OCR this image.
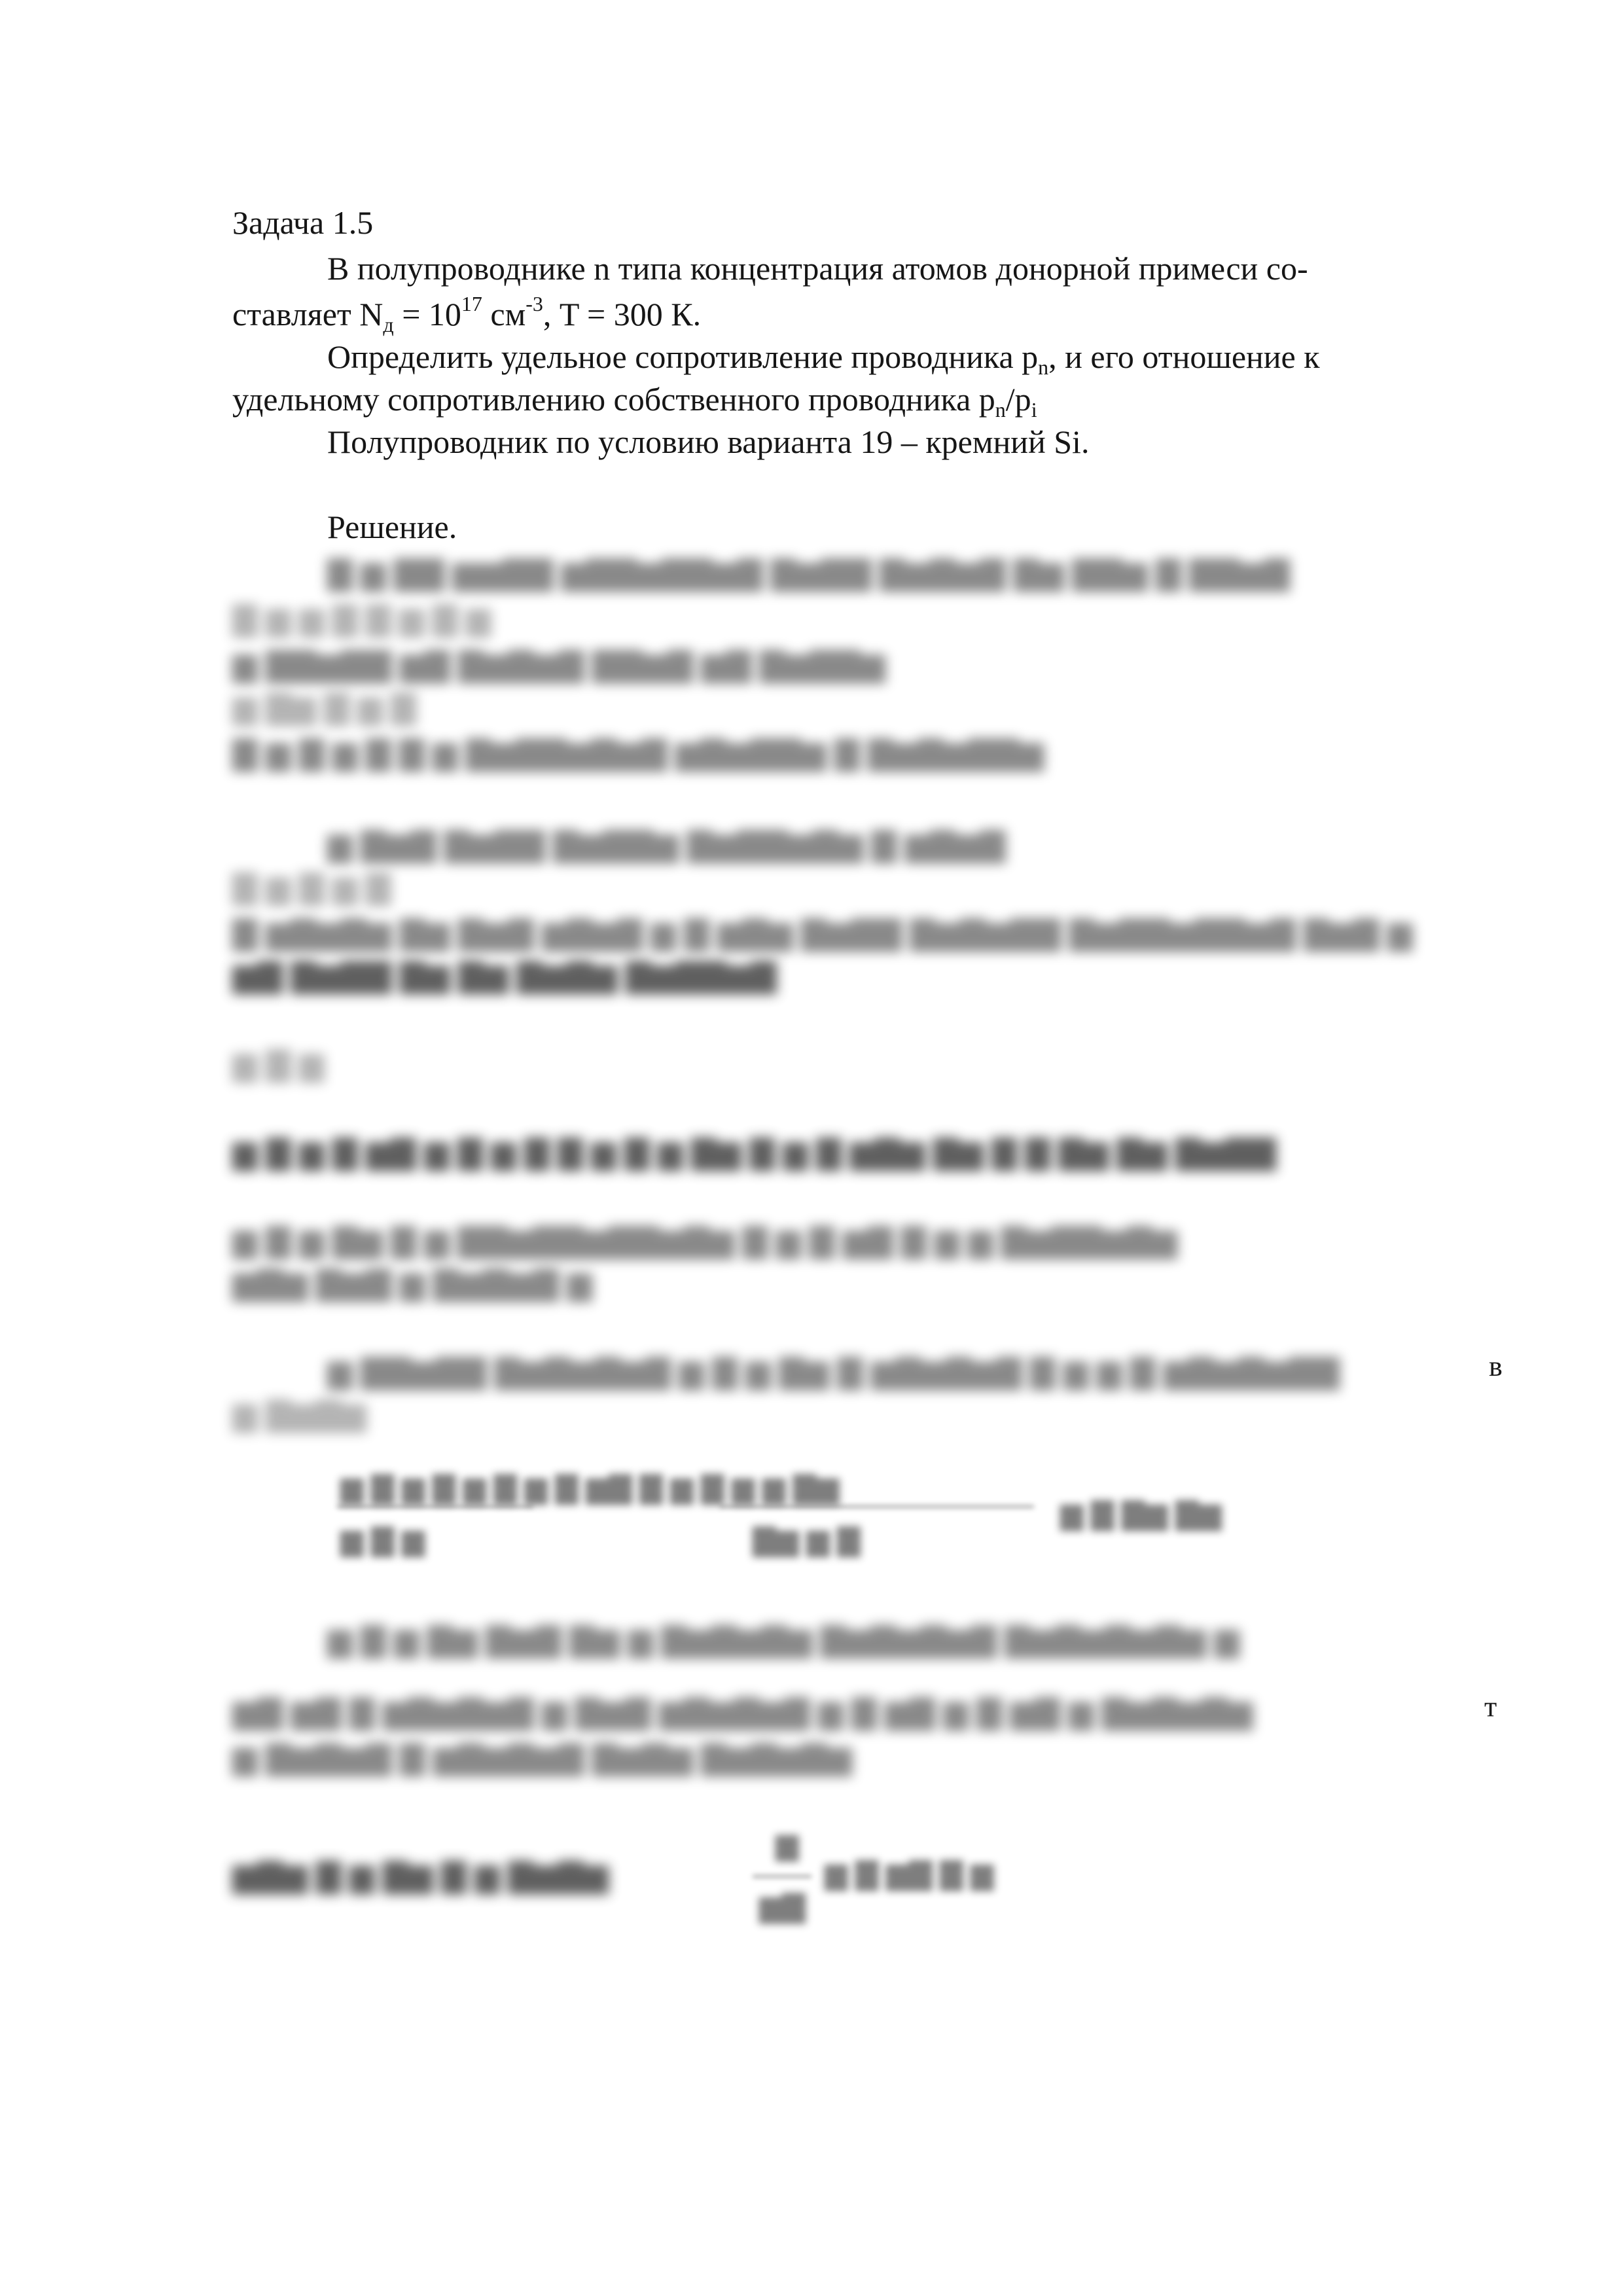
Задача 1.5
В полупроводнике n типа концентрация атомов донорной примеси со-
ставляет $N_д = 10^{17}$ $см^{-3}$, T = 300 К.
Определить удельное сопротивление проводника $p_n$, и его отношение к
удельному сопротивлению собственного проводника $p_n/p_i$
Полупроводник по условию варианта 19 – кремний Si.
Решение.
▇ ▆ ▇▇ ▆▆▇▇ ▆▇▇▆▇▇▆▇ ▇▆▇▇ ▇▆▇▆▇ ▇▆ ▇▇▆ ▇ ▇▇▆▇
▇ ▆ ▆ ▇ ▇ ▆ ▇ ▆
▆ ▇▇▆▇▇ ▆▇ ▇▆▇▆▇ ▇▇▆▇ ▆▇ ▇▆▇▇▆
▆ ▇▆ ▇ ▆ ▇
▇ ▆ ▇ ▆ ▇ ▇ ▆ ▇▆▇▇▆▇▆▇ ▆▇▆▇▇▆ ▇ ▇▆▇▆▇▇▆
▆ ▇▆▇ ▇▆▇▇ ▇▆▇▇▆ ▇▆▇▇▆▇▆ ▇ ▆▇▆▇
▇ ▆ ▇ ▆ ▇
▇ ▆▇▆▇▆ ▇▆ ▇▆▇ ▆▇▆▇ ▆ ▇ ▆▇▆ ▇▆▇▇ ▇▆▇▆▇▇ ▇▆▇▇▆▇▇▆▇ ▇▆▇ ▆
▆▇ ▇▆▇▇ ▇▆ ▇▆ ▇▆▇▆ ▇▆▇▇▆▇
▆ ▇ ▆
▆ ▇ ▆ ▇ ▆▇ ▆ ▇ ▆ ▇ ▇ ▆ ▇ ▆ ▇▆ ▇ ▆ ▇ ▆▇▆ ▇▆ ▇ ▇ ▇▆ ▇▆ ▇▆▇▇
▆ ▇ ▆ ▇▆ ▇ ▆ ▇▇▆▇▇▆▇▇▆▇▆ ▇ ▆ ▇ ▆▇ ▇ ▆ ▆ ▇▆▇▇▆▇▆
▆▇▆ ▇▆▇ ▆ ▇▆▇▆▇ ▆
▆ ▇▇▆▇▇ ▇▆▇▆▇▆▇ ▆ ▇ ▆ ▇▆ ▇ ▆▇▆▇▆▇ ▇ ▆ ▆ ▇ ▆▇▆▇▆▇▇	в
▆ ▇▆▇▆
▆ ▇ ▆ ▇ ▆ ▇ ▆ ▇ ▆▇ ▇ ▆ ▇ ▆ ▆ ▇▆
▆ ▇ ▆	▇▆ ▆ ▇
▆ ▇ ▇▆ ▇▆
▆ ▇ ▆ ▇▆ ▇▆▇ ▇▆ ▆ ▇▆▇▆▇▆ ▇▆▇▆▇▆▇ ▇▆▇▆▇▆▇▆ ▆
▆▇ ▆▇ ▇ ▆▇▆▇▆▇ ▆ ▇▆▇ ▆▇▆▇▆▇ ▆ ▇ ▆▇ ▆ ▇ ▆▇ ▆ ▇▆▇▆▇▆	т
▆ ▇▆▇▆▇ ▇ ▆▇▆▇▆▇ ▇▆▇▆ ▇▆▇▆▇▆
▆▇▆ ▇ ▆ ▇▆ ▇ ▆ ▇▆▇▆
▆
▆▇
▆ ▇ ▆▇ ▇ ▆
